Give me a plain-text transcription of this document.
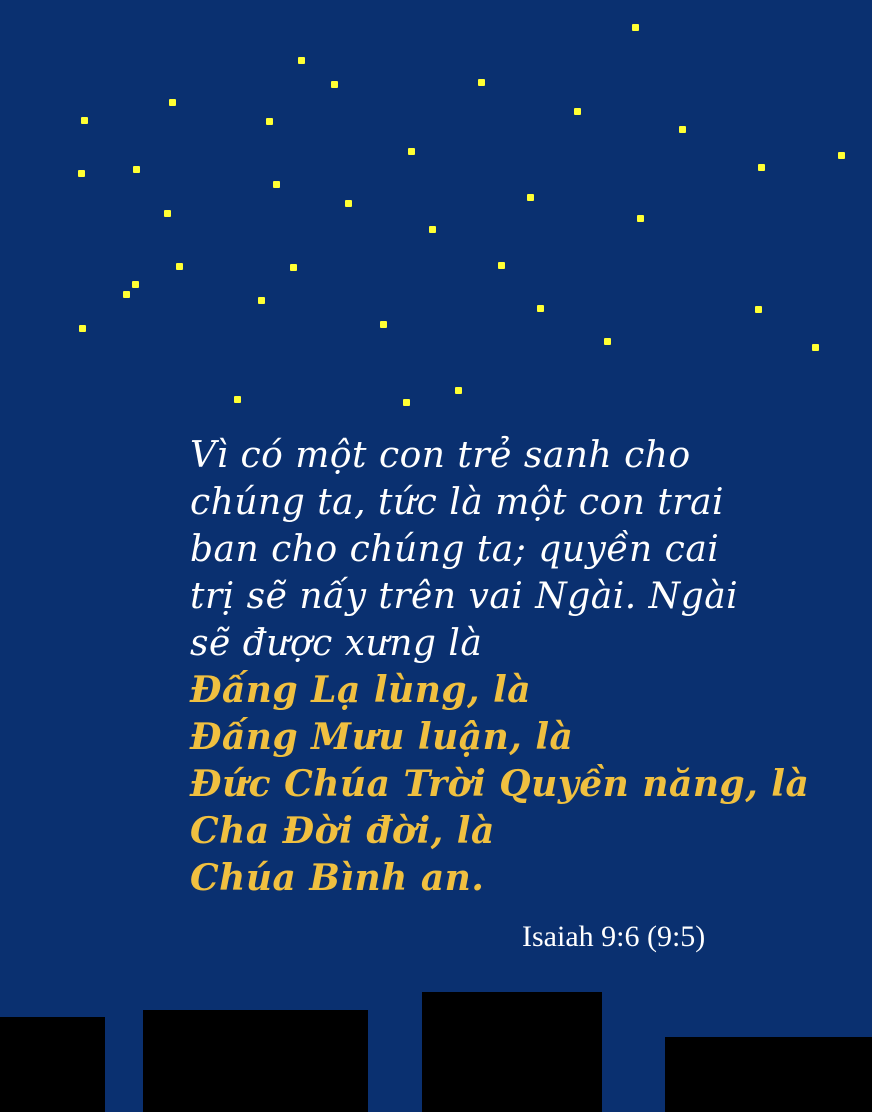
Vì có một con trẻ sanh cho
chúng ta, tức là một con trai
ban cho chúng ta; quyền cai
trị sẽ nấy trên vai Ngài. Ngài
sẽ được xưng là
Đấng Lạ lùng, là
Đấng Mưu luận, là
Đức Chúa Trời Quyền năng, là
Cha Đời đời, là
Chúa Bình an.
Isaiah 9:6 (9:5)
